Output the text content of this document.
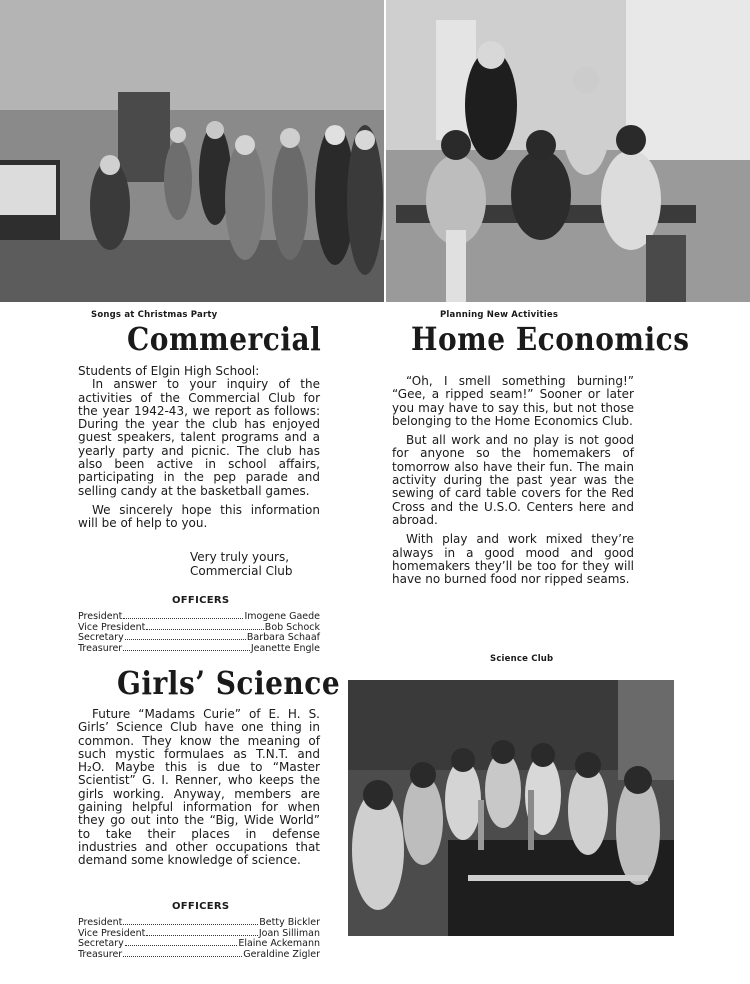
Songs at Christmas Party	Planning New Activities
Commercial
Students of Elgin High School:

In answer to your inquiry of the activities of the Commercial Club for the year 1942-43, we report as follows: During the year the club has enjoyed guest speakers, talent programs and a yearly party and picnic. The club has also been active in school affairs, participating in the pep parade and selling candy at the basketball games.

We sincerely hope this information will be of help to you.

Very truly yours,
Commercial Club
OFFICERS
President	Imogene Gaede
Vice President	Bob Schock
Secretary	Barbara Schaaf
Treasurer	Jeanette Engle
Home Economics

“Oh, I smell something burning!” “Gee, a ripped seam!” Sooner or later you may have to say this, but not those belonging to the Home Economics Club.

But all work and no play is not good for anyone so the homemakers of tomorrow also have their fun. The main activity during the past year was the sewing of card table covers for the Red Cross and the U.S.O. Centers here and abroad.

With play and work mixed they’re always in a good mood and good homemakers they’ll be too for they will have no burned food nor ripped seams.

Girls’ Science

Future “Madams Curie” of E. H. S. Girls’ Science Club have one thing in common. They know the meaning of such mystic formulaes as T.N.T. and H₂O. Maybe this is due to “Master Scientist” G. I. Renner, who keeps the girls working. Anyway, members are gaining helpful information for when they go out into the “Big, Wide World” to take their places in defense industries and other occupations that demand some knowledge of science.

OFFICERS
President	Betty Bickler
Vice President	Joan Silliman
Secretary	Elaine Ackemann
Treasurer	Geraldine Zigler
Science Club
